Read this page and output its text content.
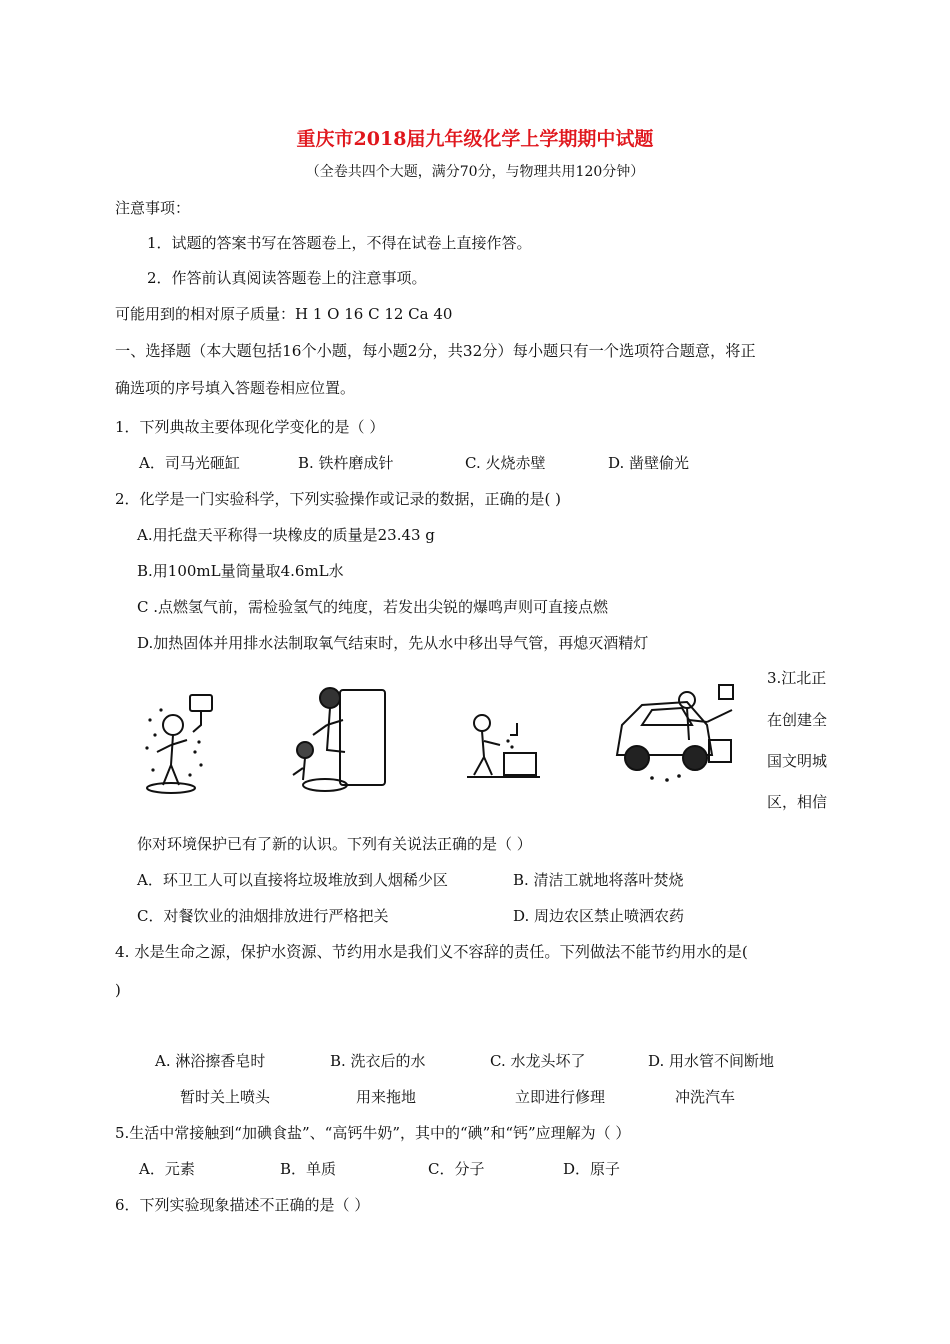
重庆市2018届九年级化学上学期期中试题
（全卷共四个大题，满分70分，与物理共用120分钟）
注意事项：
1．试题的答案书写在答题卷上，不得在试卷上直接作答。
2．作答前认真阅读答题卷上的注意事项。
可能用到的相对原子质量：H 1 O 16 C 12 Ca 40
一、选择题（本大题包括16个小题，每小题2分，共32分）每小题只有一个选项符合题意，将正
确选项的序号填入答题卷相应位置。
1．下列典故主要体现化学变化的是（ ）
A．司马光砸缸	B. 铁杵磨成针	C. 火烧赤壁	D. 凿壁偷光
2．化学是一门实验科学，下列实验操作或记录的数据，正确的是( )
A.用托盘天平称得一块橡皮的质量是23.43 g
B.用100mL量筒量取4.6mL水
C .点燃氢气前，需检验氢气的纯度，若发出尖锐的爆鸣声则可直接点燃
D.加热固体并用排水法制取氧气结束时，先从水中移出导气管，再熄灭酒精灯
3.江北正
在创建全
国文明城
区，相信
你对环境保护已有了新的认识。下列有关说法正确的是（ ）
A．环卫工人可以直接将垃圾堆放到人烟稀少区	B. 清洁工就地将落叶焚烧
C．对餐饮业的油烟排放进行严格把关	D. 周边农区禁止喷洒农药
4. 水是生命之源，保护水资源、节约用水是我们义不容辞的责任。下列做法不能节约用水的是(
)
A. 淋浴擦香皂时
暂时关上喷头
B. 洗衣后的水
用来拖地
C. 水龙头坏了
立即进行修理
D. 用水管不间断地
冲洗汽车
5.生活中常接触到“加碘食盐”、“高钙牛奶”，其中的“碘”和“钙”应理解为（ ）
A．元素	B．单质	C．分子	D．原子
6．下列实验现象描述不正确的是（ ）
